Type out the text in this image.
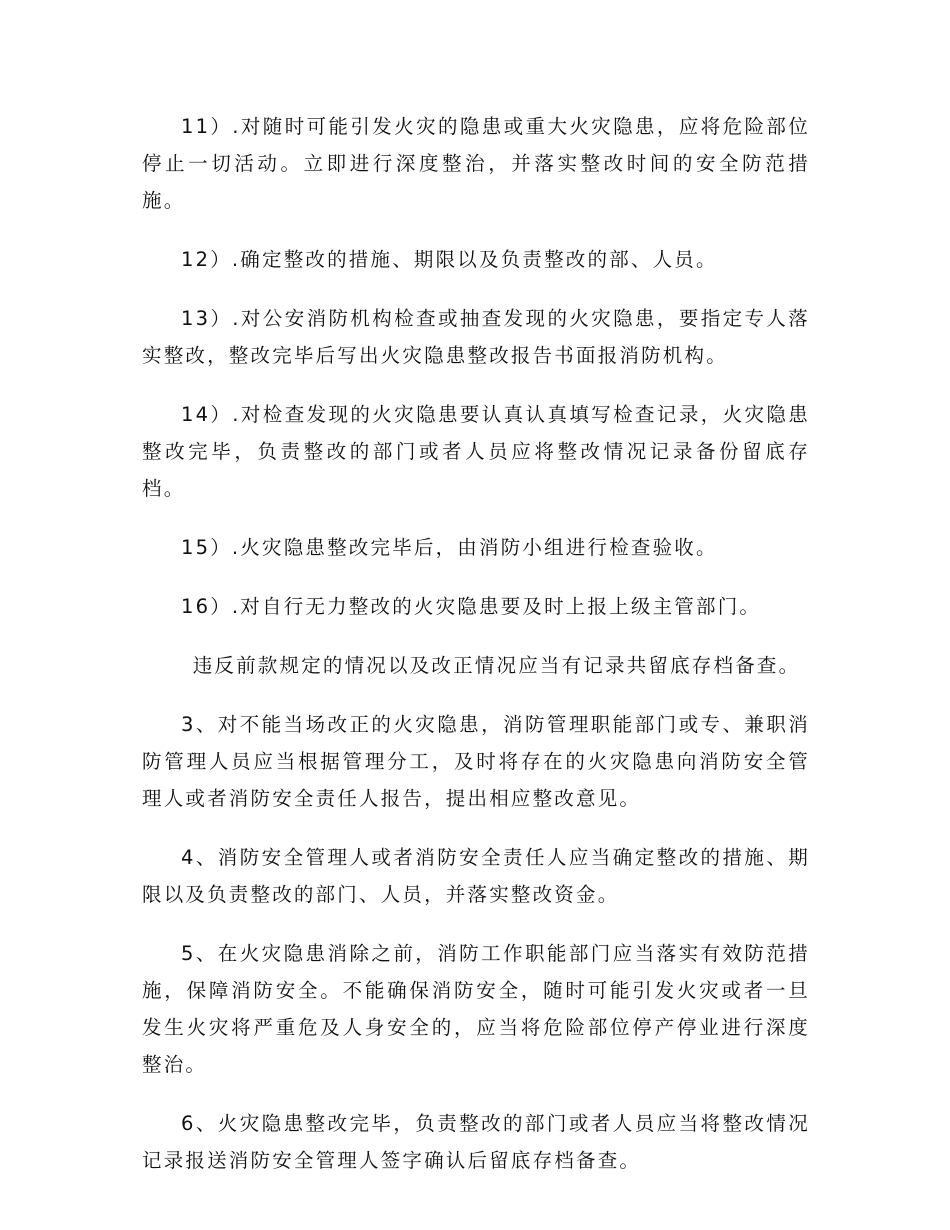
11）.对随时可能引发火灾的隐患或重大火灾隐患，应将危险部位停止一切活动。立即进行深度整治，并落实整改时间的安全防范措施。

12）.确定整改的措施、期限以及负责整改的部、人员。

13）.对公安消防机构检查或抽查发现的火灾隐患，要指定专人落实整改，整改完毕后写出火灾隐患整改报告书面报消防机构。

14）.对检查发现的火灾隐患要认真认真填写检查记录，火灾隐患整改完毕，负责整改的部门或者人员应将整改情况记录备份留底存档。

15）.火灾隐患整改完毕后，由消防小组进行检查验收。

16）.对自行无力整改的火灾隐患要及时上报上级主管部门。

违反前款规定的情况以及改正情况应当有记录共留底存档备查。

3、对不能当场改正的火灾隐患，消防管理职能部门或专、兼职消防管理人员应当根据管理分工，及时将存在的火灾隐患向消防安全管理人或者消防安全责任人报告，提出相应整改意见。

4、消防安全管理人或者消防安全责任人应当确定整改的措施、期限以及负责整改的部门、人员，并落实整改资金。

5、在火灾隐患消除之前，消防工作职能部门应当落实有效防范措施，保障消防安全。不能确保消防安全，随时可能引发火灾或者一旦发生火灾将严重危及人身安全的，应当将危险部位停产停业进行深度整治。

6、火灾隐患整改完毕，负责整改的部门或者人员应当将整改情况记录报送消防安全管理人签字确认后留底存档备查。
